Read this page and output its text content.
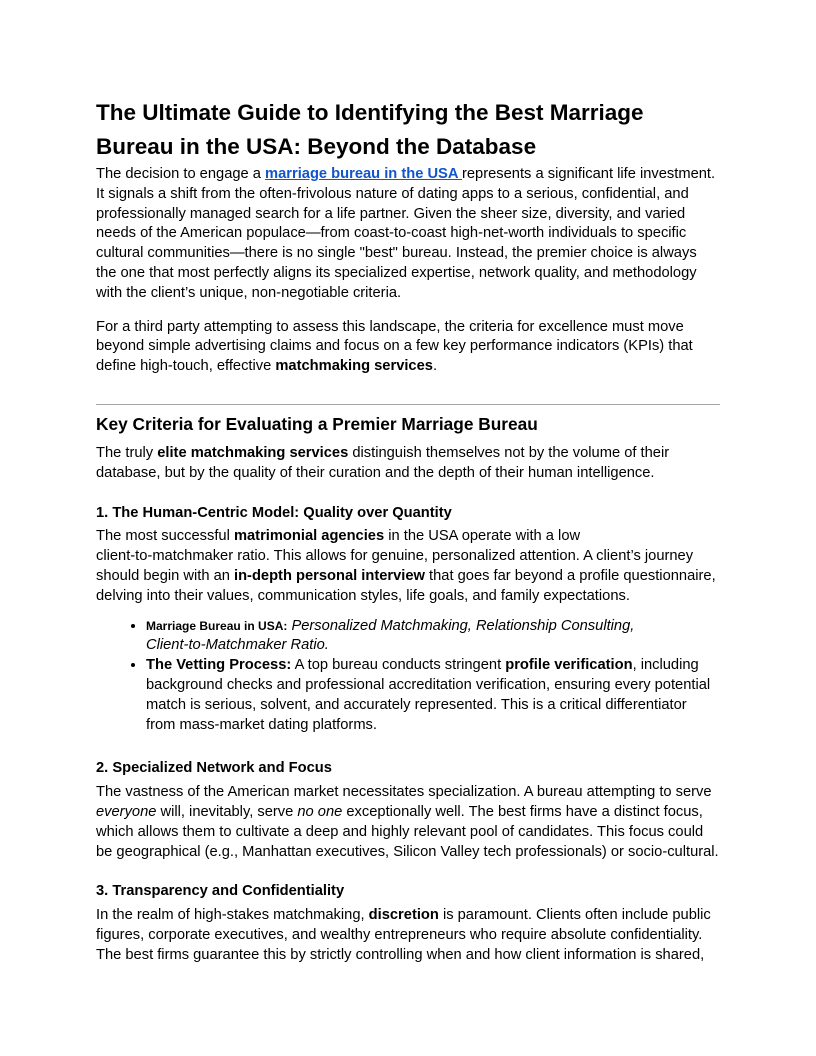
The Ultimate Guide to Identifying the Best Marriage Bureau in the USA: Beyond the Database

The decision to engage a marriage bureau in the USA represents a significant life investment. It signals a shift from the often-frivolous nature of dating apps to a serious, confidential, and professionally managed search for a life partner. Given the sheer size, diversity, and varied needs of the American populace—from coast-to-coast high-net-worth individuals to specific cultural communities—there is no single "best" bureau. Instead, the premier choice is always the one that most perfectly aligns its specialized expertise, network quality, and methodology with the client’s unique, non-negotiable criteria.

For a third party attempting to assess this landscape, the criteria for excellence must move beyond simple advertising claims and focus on a few key performance indicators (KPIs) that define high-touch, effective matchmaking services.

Key Criteria for Evaluating a Premier Marriage Bureau

The truly elite matchmaking services distinguish themselves not by the volume of their database, but by the quality of their curation and the depth of their human intelligence.

1. The Human-Centric Model: Quality over Quantity

The most successful matrimonial agencies in the USA operate with a low client-to-matchmaker ratio. This allows for genuine, personalized attention. A client’s journey should begin with an in-depth personal interview that goes far beyond a profile questionnaire, delving into their values, communication styles, life goals, and family expectations.

• Marriage Bureau in USA: Personalized Matchmaking, Relationship Consulting, Client-to-Matchmaker Ratio.
• The Vetting Process: A top bureau conducts stringent profile verification, including background checks and professional accreditation verification, ensuring every potential match is serious, solvent, and accurately represented. This is a critical differentiator from mass-market dating platforms.
2. Specialized Network and Focus

The vastness of the American market necessitates specialization. A bureau attempting to serve everyone will, inevitably, serve no one exceptionally well. The best firms have a distinct focus, which allows them to cultivate a deep and highly relevant pool of candidates. This focus could be geographical (e.g., Manhattan executives, Silicon Valley tech professionals) or socio-cultural.

3. Transparency and Confidentiality

In the realm of high-stakes matchmaking, discretion is paramount. Clients often include public figures, corporate executives, and wealthy entrepreneurs who require absolute confidentiality. The best firms guarantee this by strictly controlling when and how client information is shared,
